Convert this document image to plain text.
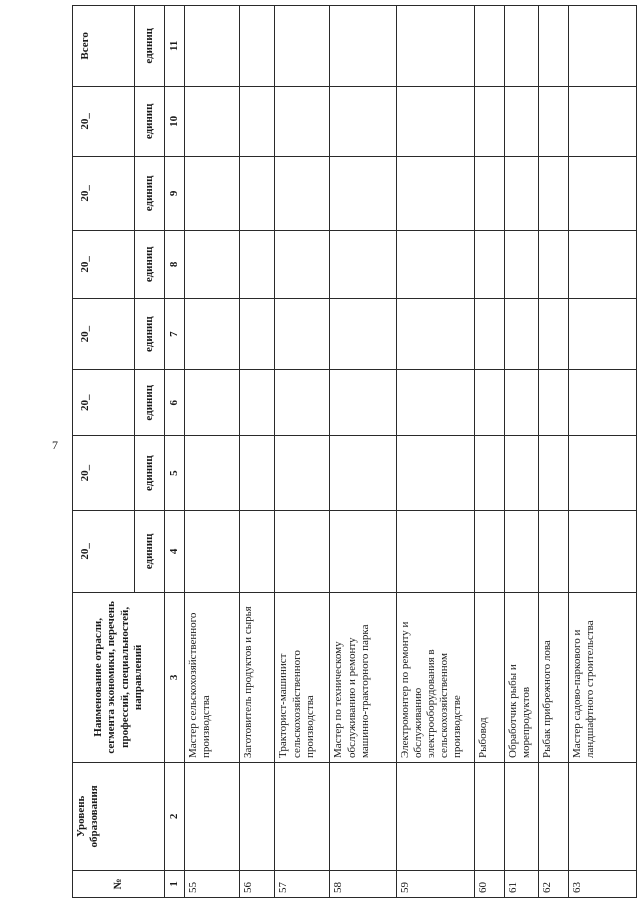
7
№	Уровень образования	Наименование отрасли, сегмента экономики, перечень профессий, специальностей, направлений	20_	20_	20_	20_	20_	20_	20_	Всего
			единиц	единиц	единиц	единиц	единиц	единиц	единиц	единиц
1	2	3	4	5	6	7	8	9	10	11
55		Мастер сельскохозяйственного производства								
56		Заготовитель продуктов и сырья								
57		Тракторист-машинист сельскохозяйственного производства								
58		Мастер по техническому обслуживанию и ремонту машинно-тракторного парка								
59		Электромонтер по ремонту и обслуживанию электрооборудования в сельскохозяйственном производстве								
60		Рыбовод								
61		Обработчик рыбы и морепродуктов								
62		Рыбак прибрежного лова								
63		Мастер садово-паркового и ландшафтного строительства								
